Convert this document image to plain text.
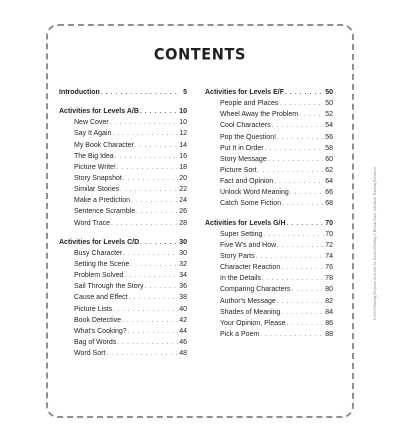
CONTENTS
Introduction . . .	5
Activities for Levels A/B . . .	10
New Cover . . .	10
Say It Again . . .	12
My Book Character . . .	14
The Big Idea . . .	16
Picture Write! . . .	18
Story Snapshot . . .	20
Similar Stories . . .	22
Make a Prediction . . .	24
Sentence Scramble . . .	26
Word Trace . . .	28
Activities for Levels C/D . . .	30
Busy Character . . .	30
Setting the Scene . . .	32
Problem Solved . . .	34
Sail Through the Story . . .	36
Cause and Effect . . .	38
Picture Lists . . .	40
Book Detective . . .	42
What's Cooking? . . .	44
Bag of Words . . .	46
Word Sort . . .	48
Activities for Levels E/F . . .	50
People and Places . . .	50
Wheel Away the Problem . . .	52
Cool Characters . . .	54
Pop the Question! . . .	56
Put It in Order . . .	58
Story Message . . .	60
Picture Sort . . .	62
Fact and Opinion . . .	64
Unlock Word Meaning . . .	66
Catch Some Fiction . . .	68
Activities for Levels G/H . . .	70
Super Setting . . .	70
Five W's and How . . .	72
Story Parts . . .	74
Character Reaction . . .	76
In the Details . . .	78
Comparing Characters . . .	80
Author's Message . . .	82
Shades of Meaning . . .	84
Your Opinion, Please . . .	86
Pick a Poem . . .	88
Leveled Reading Response Activities for Guided Reading © Brenda Gand, Scholastic Teaching Resources
